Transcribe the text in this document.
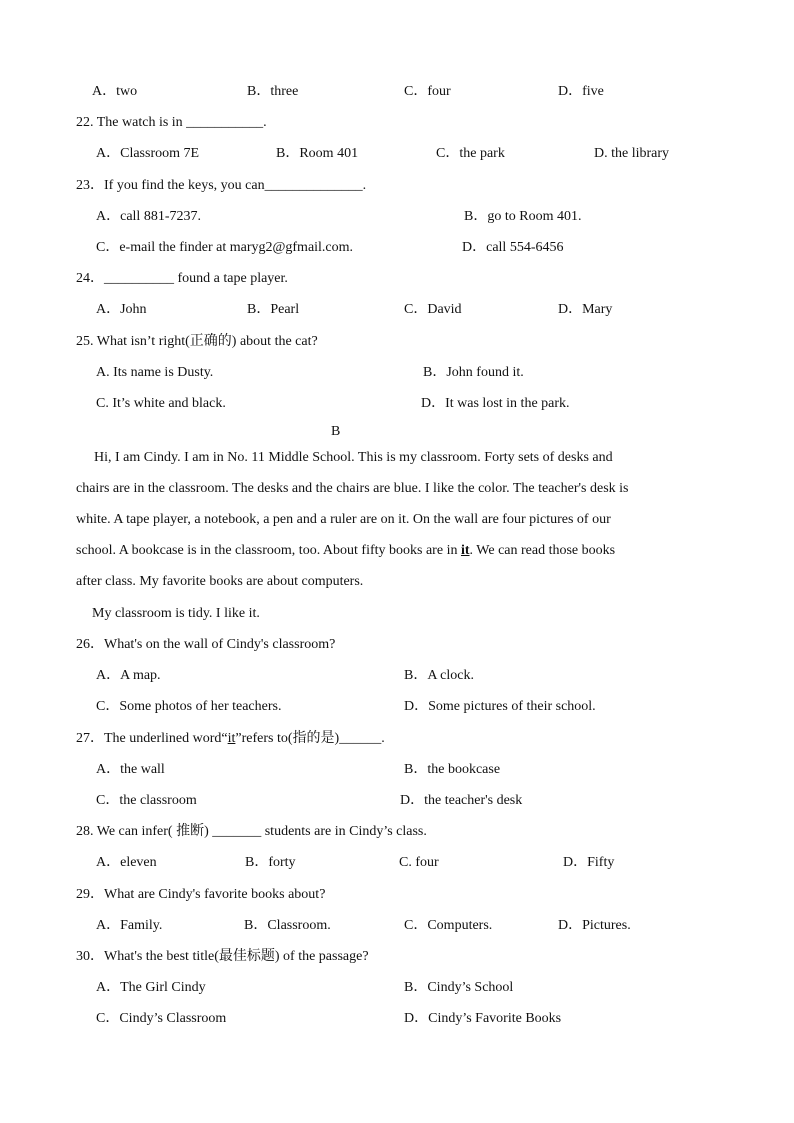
A．two	B．three	C．four	D．five
22. The watch is in ___________.
A．Classroom 7E	B．Room 401	C．the park	D. the library
23．If you find the keys, you can______________.
A．call 881-7237.	B．go to Room 401.
C．e-mail the finder at maryg2@gfmail.com.	D．call 554-6456
24．__________ found a tape player.
A．John	B．Pearl	C．David	D．Mary
25. What isn’t right(正确的) about the cat?
A. Its name is Dusty.	B．John found it.
C. It’s white and black.	D．It was lost in the park.
B
Hi, I am Cindy. I am in No. 11 Middle School. This is my classroom. Forty sets of desks and
chairs are in the classroom. The desks and the chairs are blue. I like the color. The teacher's desk is
white. A tape player, a notebook, a pen and a ruler are on it. On the wall are four pictures of our
school. A bookcase is in the classroom, too. About fifty books are in it. We can read those books
after class. My favorite books are about computers.
My classroom is tidy. I like it.
26．What's on the wall of Cindy's classroom?
A．A map.	B．A clock.
C．Some photos of her teachers.	D．Some pictures of their school.
27．The underlined word“it”refers to(指的是)______.
A．the wall	B．the bookcase
C．the classroom	D．the teacher's desk
28. We can infer( 推断) _______ students are in Cindy’s class.
A．eleven	B．forty	C. four	D．Fifty
29．What are Cindy's favorite books about?
A．Family.	B．Classroom.	C．Computers.	D．Pictures.
30．What's the best title(最佳标题) of the passage?
A．The Girl Cindy	B．Cindy’s School
C．Cindy’s Classroom	D．Cindy’s Favorite Books
